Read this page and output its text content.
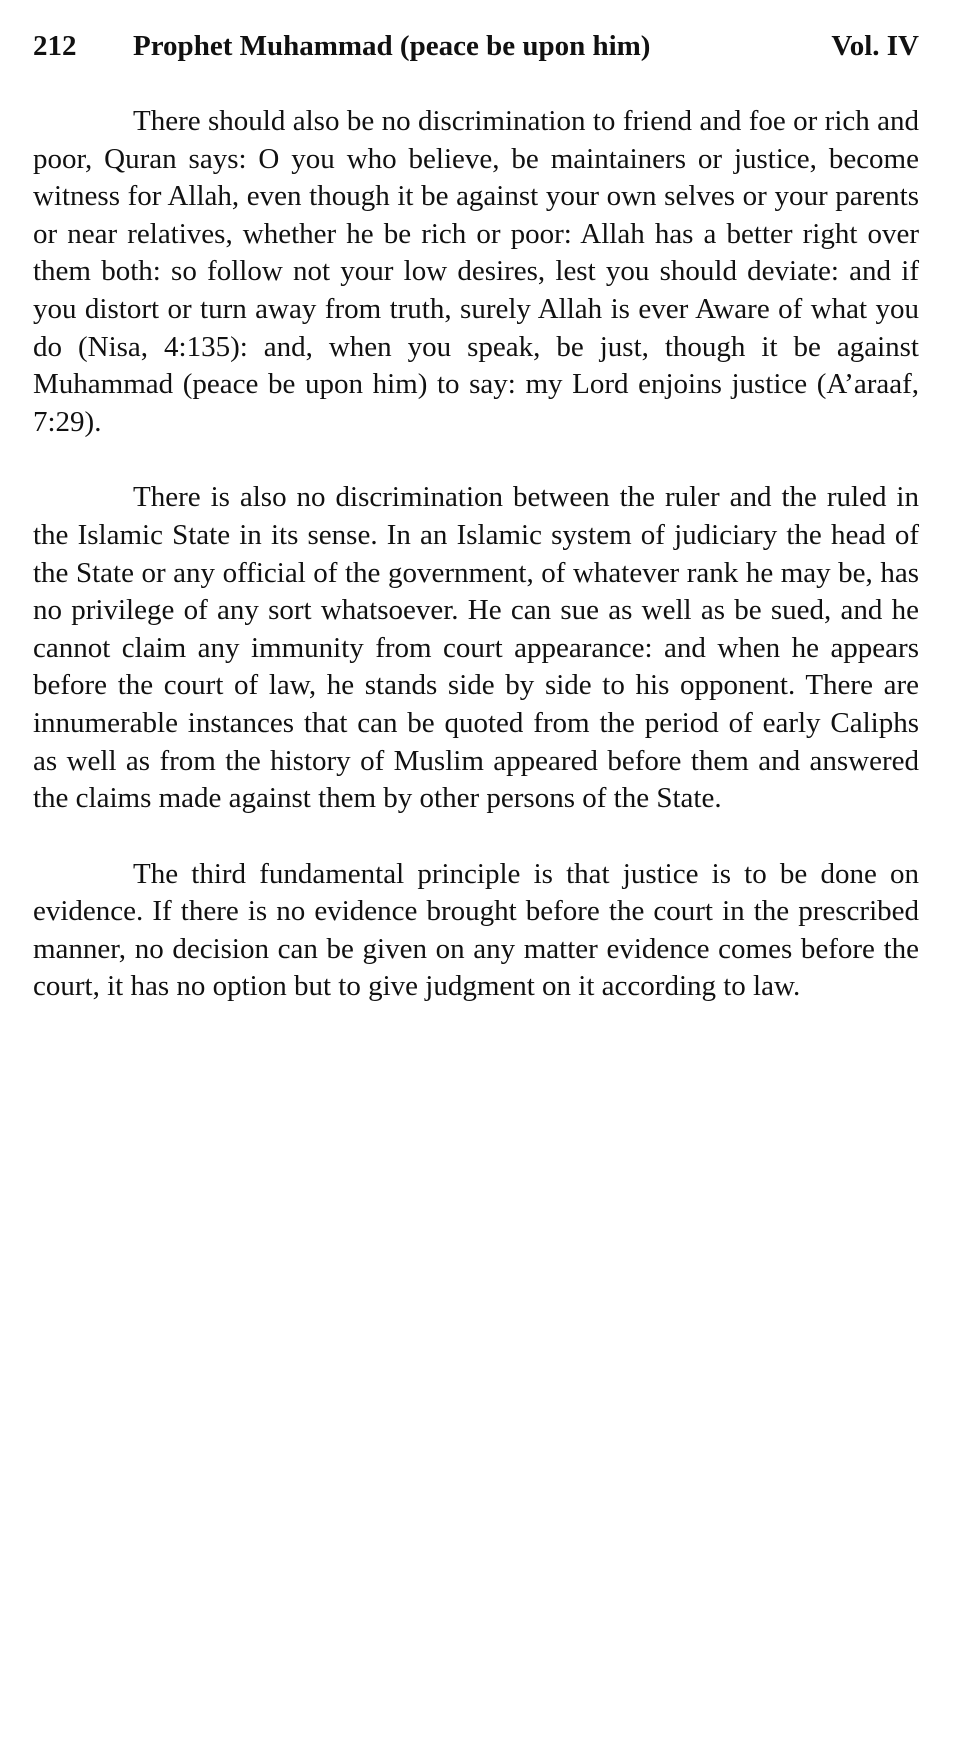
212	Prophet Muhammad (peace be upon him)	Vol. IV

There should also be no discrimination to friend and foe or rich and poor, Quran says: O you who believe, be maintainers or justice, become witness for Allah, even though it be against your own selves or your parents or near relatives, whether he be rich or poor: Allah has a better right over them both: so follow not your low desires, lest you should deviate: and if you distort or turn away from truth, surely Allah is ever Aware of what you do (Nisa, 4:135): and, when you speak, be just, though it be against Muhammad (peace be upon him) to say: my Lord enjoins justice (A’araaf, 7:29).

There is also no discrimination between the ruler and the ruled in the Islamic State in its sense. In an Islamic system of judiciary the head of the State or any official of the government, of whatever rank he may be, has no privilege of any sort whatsoever. He can sue as well as be sued, and he cannot claim any immunity from court appearance: and when he appears before the court of law, he stands side by side to his opponent. There are innumerable instances that can be quoted from the period of early Caliphs as well as from the history of Muslim appeared before them and answered the claims made against them by other persons of the State.

The third fundamental principle is that justice is to be done on evidence. If there is no evidence brought before the court in the prescribed manner, no decision can be given on any matter evidence comes before the court, it has no option but to give judgment on it according to law.
